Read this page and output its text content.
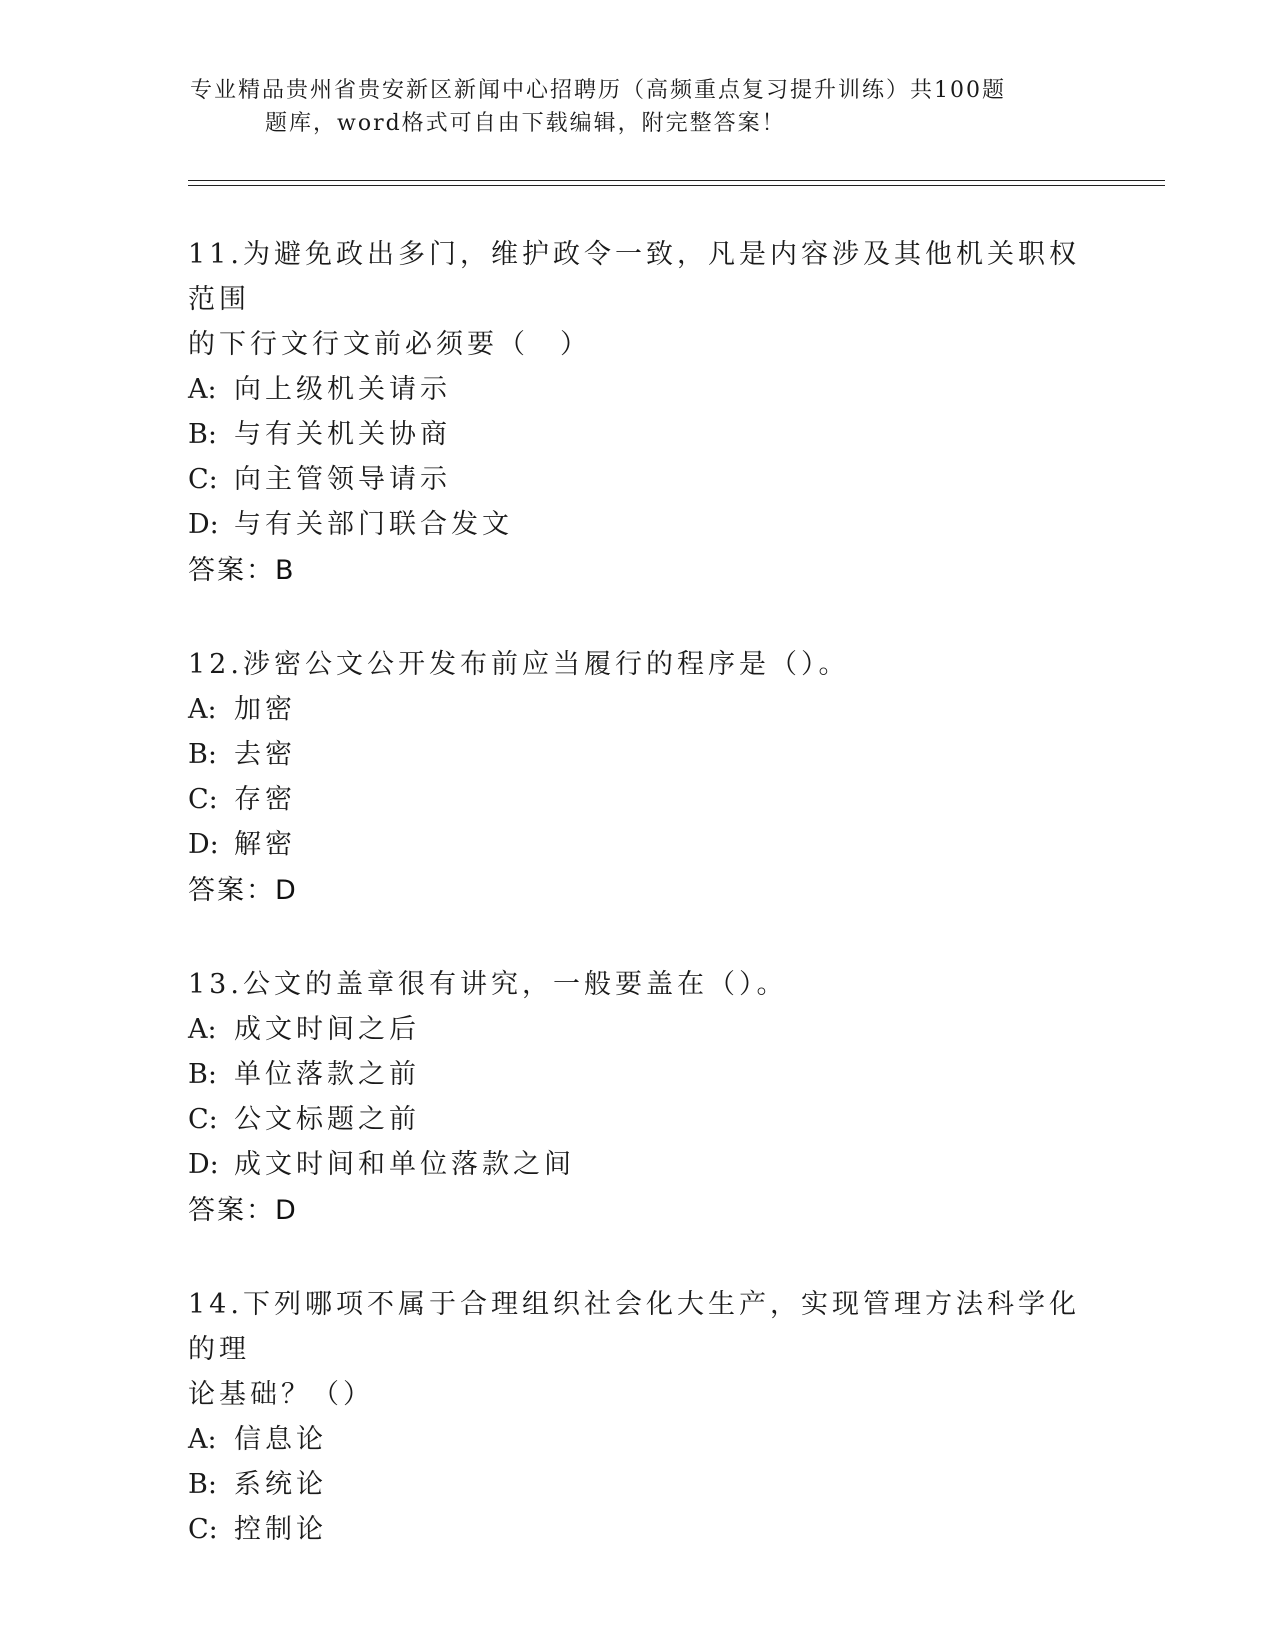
专业精品贵州省贵安新区新闻中心招聘历（高频重点复习提升训练）共100题
题库，word格式可自由下载编辑，附完整答案！
11.为避免政出多门，维护政令一致，凡是内容涉及其他机关职权范围
的下行文行文前必须要（　）
A: 向上级机关请示
B: 与有关机关协商
C: 向主管领导请示
D: 与有关部门联合发文
答案：B
12.涉密公文公开发布前应当履行的程序是（）。
A: 加密
B: 去密
C: 存密
D: 解密
答案：D
13.公文的盖章很有讲究，一般要盖在（）。
A: 成文时间之后
B: 单位落款之前
C: 公文标题之前
D: 成文时间和单位落款之间
答案：D
14.下列哪项不属于合理组织社会化大生产，实现管理方法科学化的理
论基础？（）
A: 信息论
B: 系统论
C: 控制论
